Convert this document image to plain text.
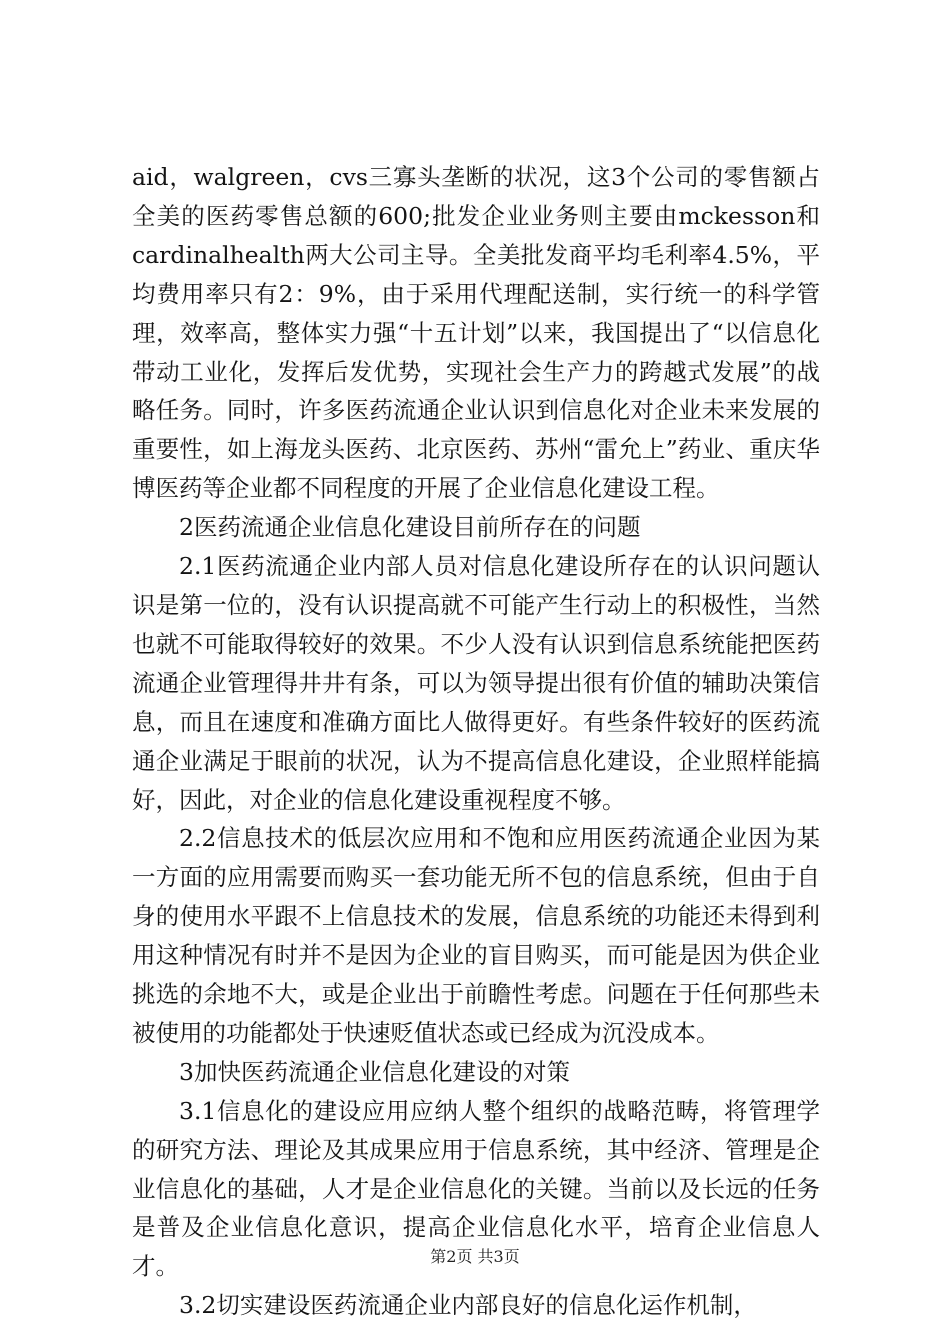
aid，walgreen，cvs三寡头垄断的状况，这3个公司的零售额占全美的医药零售总额的600;批发企业业务则主要由mckesson和cardinalhealth两大公司主导。全美批发商平均毛利率4.5%，平均费用率只有2：9%，由于采用代理配送制，实行统一的科学管理，效率高，整体实力强“十五计划”以来，我国提出了“以信息化带动工业化，发挥后发优势，实现社会生产力的跨越式发展”的战略任务。同时，许多医药流通企业认识到信息化对企业未来发展的重要性，如上海龙头医药、北京医药、苏州“雷允上”药业、重庆华博医药等企业都不同程度的开展了企业信息化建设工程。

2医药流通企业信息化建设目前所存在的问题

2.1医药流通企业内部人员对信息化建设所存在的认识问题认识是第一位的，没有认识提高就不可能产生行动上的积极性，当然也就不可能取得较好的效果。不少人没有认识到信息系统能把医药流通企业管理得井井有条，可以为领导提出很有价值的辅助决策信息，而且在速度和准确方面比人做得更好。有些条件较好的医药流通企业满足于眼前的状况，认为不提高信息化建设，企业照样能搞好，因此，对企业的信息化建设重视程度不够。

2.2信息技术的低层次应用和不饱和应用医药流通企业因为某一方面的应用需要而购买一套功能无所不包的信息系统，但由于自身的使用水平跟不上信息技术的发展，信息系统的功能还未得到利用这种情况有时并不是因为企业的盲目购买，而可能是因为供企业挑选的余地不大，或是企业出于前瞻性考虑。问题在于任何那些未被使用的功能都处于快速贬值状态或已经成为沉没成本。

3加快医药流通企业信息化建设的对策

3.1信息化的建设应用应纳人整个组织的战略范畴，将管理学的研究方法、理论及其成果应用于信息系统，其中经济、管理是企业信息化的基础，人才是企业信息化的关键。当前以及长远的任务是普及企业信息化意识，提高企业信息化水平，培育企业信息人才。

3.2切实建设医药流通企业内部良好的信息化运作机制，

第2页 共3页
